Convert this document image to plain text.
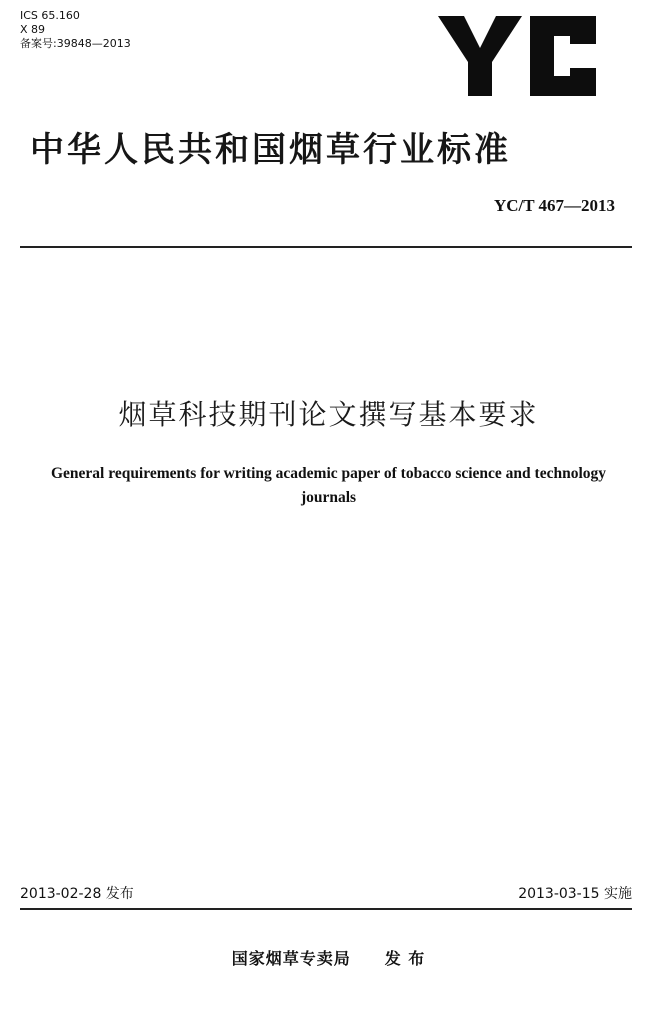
ICS 65.160
X 89
备案号:39848—2013
中华人民共和国烟草行业标准
YC/T 467—2013
烟草科技期刊论文撰写基本要求
General requirements for writing academic paper of tobacco science and technology journals
2013-02-28 发布	2013-03-15 实施
国家烟草专卖局 发 布
